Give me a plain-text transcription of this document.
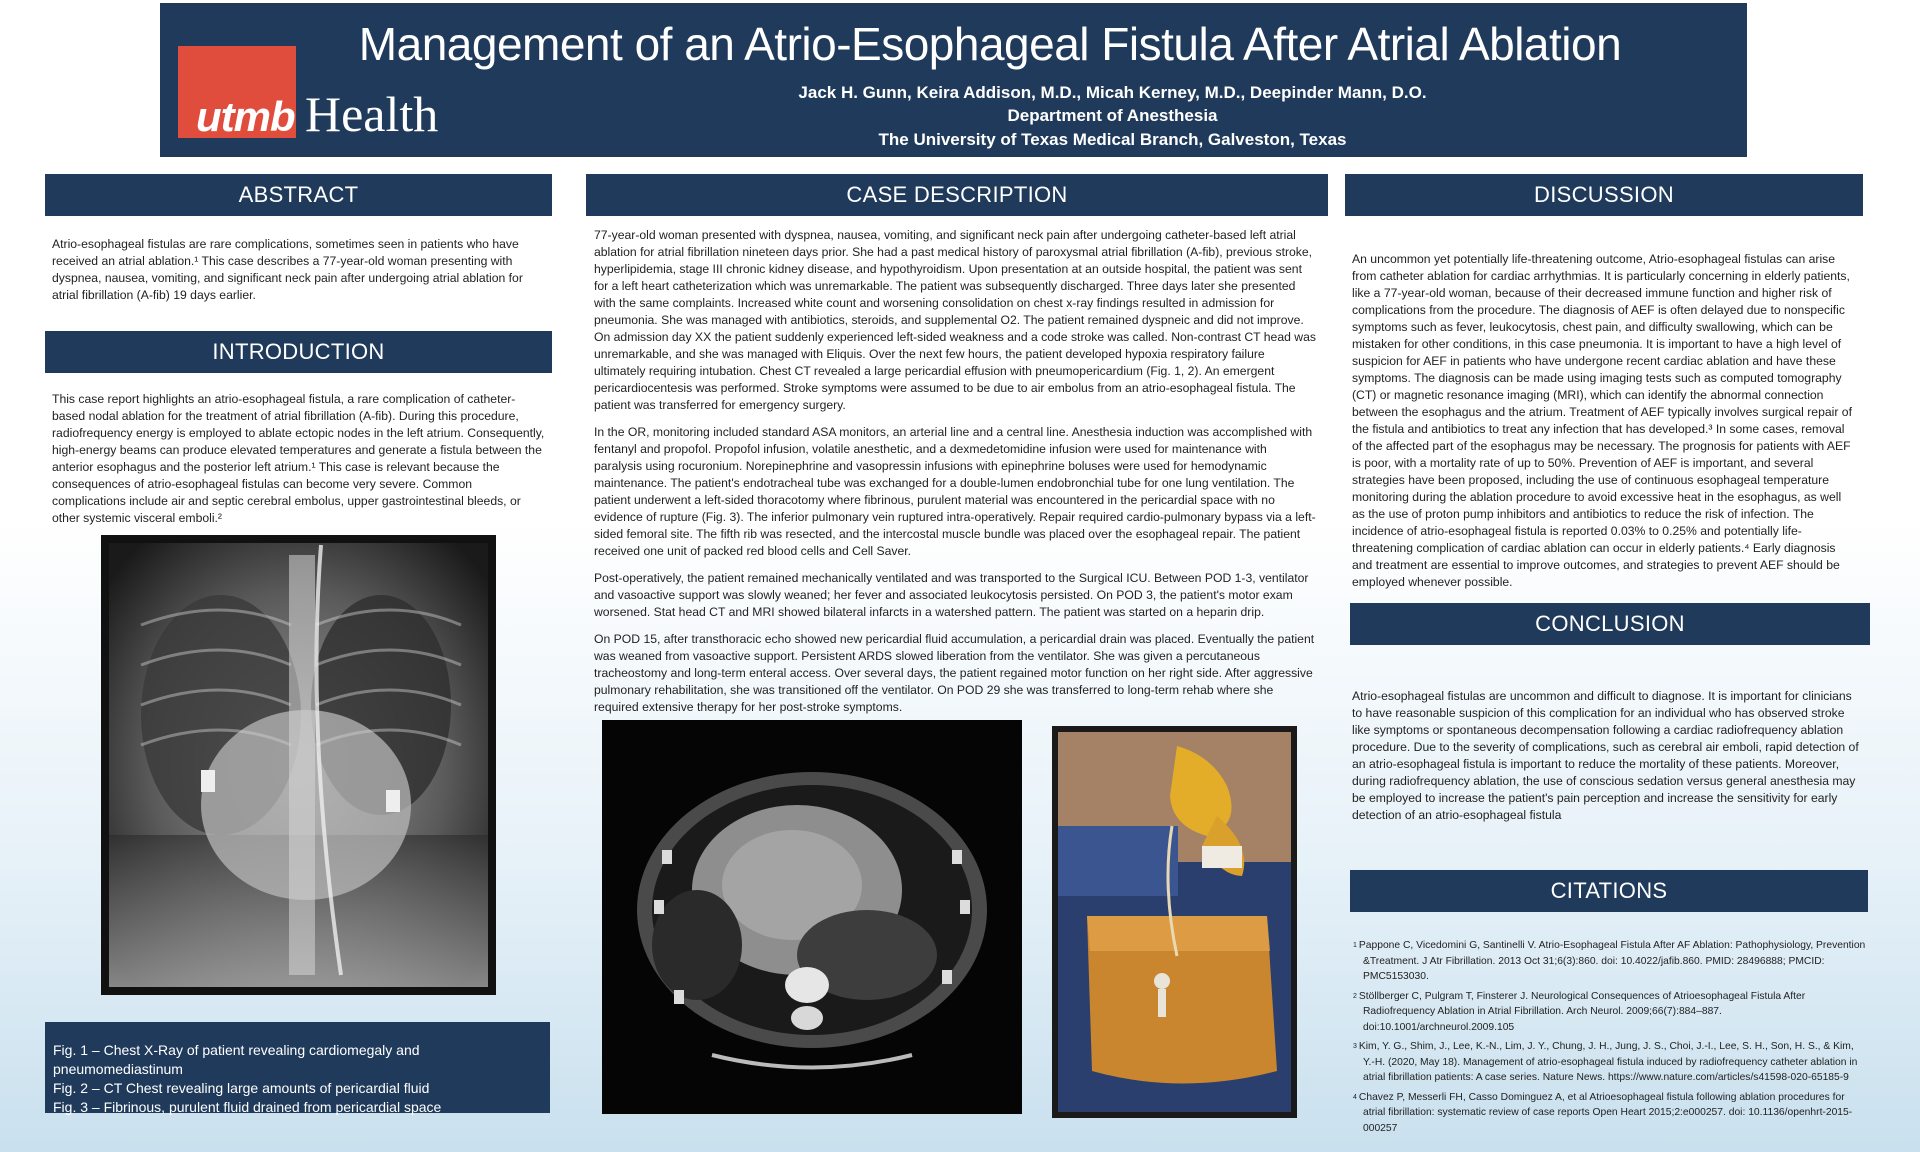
utmb Health
Management of an Atrio-Esophageal Fistula After Atrial Ablation
Jack H. Gunn, Keira Addison, M.D., Micah Kerney, M.D., Deepinder Mann, D.O.
Department of Anesthesia
The University of Texas Medical Branch, Galveston, Texas
ABSTRACT
Atrio-esophageal fistulas are rare complications, sometimes seen in patients who have received an atrial ablation.¹ This case describes a 77-year-old woman presenting with dyspnea, nausea, vomiting, and significant neck pain after undergoing atrial ablation for atrial fibrillation (A-fib) 19 days earlier.
INTRODUCTION
This case report highlights an atrio-esophageal fistula, a rare complication of catheter-based nodal ablation for the treatment of atrial fibrillation (A-fib). During this procedure, radiofrequency energy is employed to ablate ectopic nodes in the left atrium. Consequently, high-energy beams can produce elevated temperatures and generate a fistula between the anterior esophagus and the posterior left atrium.¹ This case is relevant because the consequences of atrio-esophageal fistulas can become very severe. Common complications include air and septic cerebral embolus, upper gastrointestinal bleeds, or other systemic visceral emboli.²
Fig. 1 – Chest X-Ray of patient revealing cardiomegaly and pneumomediastinum
Fig. 2 – CT Chest revealing large amounts of pericardial fluid
Fig. 3 – Fibrinous, purulent fluid drained from pericardial space
CASE DESCRIPTION

77-year-old woman presented with dyspnea, nausea, vomiting, and significant neck pain after undergoing catheter-based left atrial ablation for atrial fibrillation nineteen days prior. She had a past medical history of paroxysmal atrial fibrillation (A-fib), previous stroke, hyperlipidemia, stage III chronic kidney disease, and hypothyroidism. Upon presentation at an outside hospital, the patient was sent for a left heart catheterization which was unremarkable. The patient was subsequently discharged. Three days later she presented with the same complaints. Increased white count and worsening consolidation on chest x-ray findings resulted in admission for pneumonia. She was managed with antibiotics, steroids, and supplemental O2. The patient remained dyspneic and did not improve. On admission day XX the patient suddenly experienced left-sided weakness and a code stroke was called. Non-contrast CT head was unremarkable, and she was managed with Eliquis. Over the next few hours, the patient developed hypoxia respiratory failure ultimately requiring intubation. Chest CT revealed a large pericardial effusion with pneumopericardium (Fig. 1, 2). An emergent pericardiocentesis was performed. Stroke symptoms were assumed to be due to air embolus from an atrio-esophageal fistula. The patient was transferred for emergency surgery.

In the OR, monitoring included standard ASA monitors, an arterial line and a central line. Anesthesia induction was accomplished with fentanyl and propofol. Propofol infusion, volatile anesthetic, and a dexmedetomidine infusion were used for maintenance with paralysis using rocuronium. Norepinephrine and vasopressin infusions with epinephrine boluses were used for hemodynamic maintenance. The patient's endotracheal tube was exchanged for a double-lumen endobronchial tube for one lung ventilation. The patient underwent a left-sided thoracotomy where fibrinous, purulent material was encountered in the pericardial space with no evidence of rupture (Fig. 3). The inferior pulmonary vein ruptured intra-operatively. Repair required cardio-pulmonary bypass via a left-sided femoral site. The fifth rib was resected, and the intercostal muscle bundle was placed over the esophageal repair. The patient received one unit of packed red blood cells and Cell Saver.

Post-operatively, the patient remained mechanically ventilated and was transported to the Surgical ICU. Between POD 1-3, ventilator and vasoactive support was slowly weaned; her fever and associated leukocytosis persisted. On POD 3, the patient's motor exam worsened. Stat head CT and MRI showed bilateral infarcts in a watershed pattern. The patient was started on a heparin drip.

On POD 15, after transthoracic echo showed new pericardial fluid accumulation, a pericardial drain was placed. Eventually the patient was weaned from vasoactive support. Persistent ARDS slowed liberation from the ventilator. She was given a percutaneous tracheostomy and long-term enteral access. Over several days, the patient regained motor function on her right side. After aggressive pulmonary rehabilitation, she was transitioned off the ventilator. On POD 29 she was transferred to long-term rehab where she required extensive therapy for her post-stroke symptoms.

DISCUSSION
An uncommon yet potentially life-threatening outcome, Atrio-esophageal fistulas can arise from catheter ablation for cardiac arrhythmias. It is particularly concerning in elderly patients, like a 77-year-old woman, because of their decreased immune function and higher risk of complications from the procedure. The diagnosis of AEF is often delayed due to nonspecific symptoms such as fever, leukocytosis, chest pain, and difficulty swallowing, which can be mistaken for other conditions, in this case pneumonia. It is important to have a high level of suspicion for AEF in patients who have undergone recent cardiac ablation and have these symptoms. The diagnosis can be made using imaging tests such as computed tomography (CT) or magnetic resonance imaging (MRI), which can identify the abnormal connection between the esophagus and the atrium. Treatment of AEF typically involves surgical repair of the fistula and antibiotics to treat any infection that has developed.³ In some cases, removal of the affected part of the esophagus may be necessary. The prognosis for patients with AEF is poor, with a mortality rate of up to 50%. Prevention of AEF is important, and several strategies have been proposed, including the use of continuous esophageal temperature monitoring during the ablation procedure to avoid excessive heat in the esophagus, as well as the use of proton pump inhibitors and antibiotics to reduce the risk of infection. The incidence of atrio-esophageal fistula is reported 0.03% to 0.25% and potentially life-threatening complication of cardiac ablation can occur in elderly patients.⁴ Early diagnosis and treatment are essential to improve outcomes, and strategies to prevent AEF should be employed whenever possible.
CONCLUSION
Atrio-esophageal fistulas are uncommon and difficult to diagnose. It is important for clinicians to have reasonable suspicion of this complication for an individual who has observed stroke like symptoms or spontaneous decompensation following a cardiac radiofrequency ablation procedure. Due to the severity of complications, such as cerebral air emboli, rapid detection of an atrio-esophageal fistula is important to reduce the mortality of these patients. Moreover, during radiofrequency ablation, the use of conscious sedation versus general anesthesia may be employed to increase the patient's pain perception and increase the sensitivity for early detection of an atrio-esophageal fistula
CITATIONS
$^1$ Pappone C, Vicedomini G, Santinelli V. Atrio-Esophageal Fistula After AF Ablation: Pathophysiology, Prevention &Treatment. J Atr Fibrillation. 2013 Oct 31;6(3):860. doi: 10.4022/jafib.860. PMID: 28496888; PMCID: PMC5153030.
$^2$ Stöllberger C, Pulgram T, Finsterer J. Neurological Consequences of Atrioesophageal Fistula After Radiofrequency Ablation in Atrial Fibrillation. Arch Neurol. 2009;66(7):884–887. doi:10.1001/archneurol.2009.105
$^3$ Kim, Y. G., Shim, J., Lee, K.-N., Lim, J. Y., Chung, J. H., Jung, J. S., Choi, J.-I., Lee, S. H., Son, H. S., & Kim, Y.-H. (2020, May 18). Management of atrio-esophageal fistula induced by radiofrequency catheter ablation in atrial fibrillation patients: A case series. Nature News. https://www.nature.com/articles/s41598-020-65185-9
$^4$ Chavez P, Messerli FH, Casso Dominguez A, et al Atrioesophageal fistula following ablation procedures for atrial fibrillation: systematic review of case reports Open Heart 2015;2:e000257. doi: 10.1136/openhrt-2015-000257
